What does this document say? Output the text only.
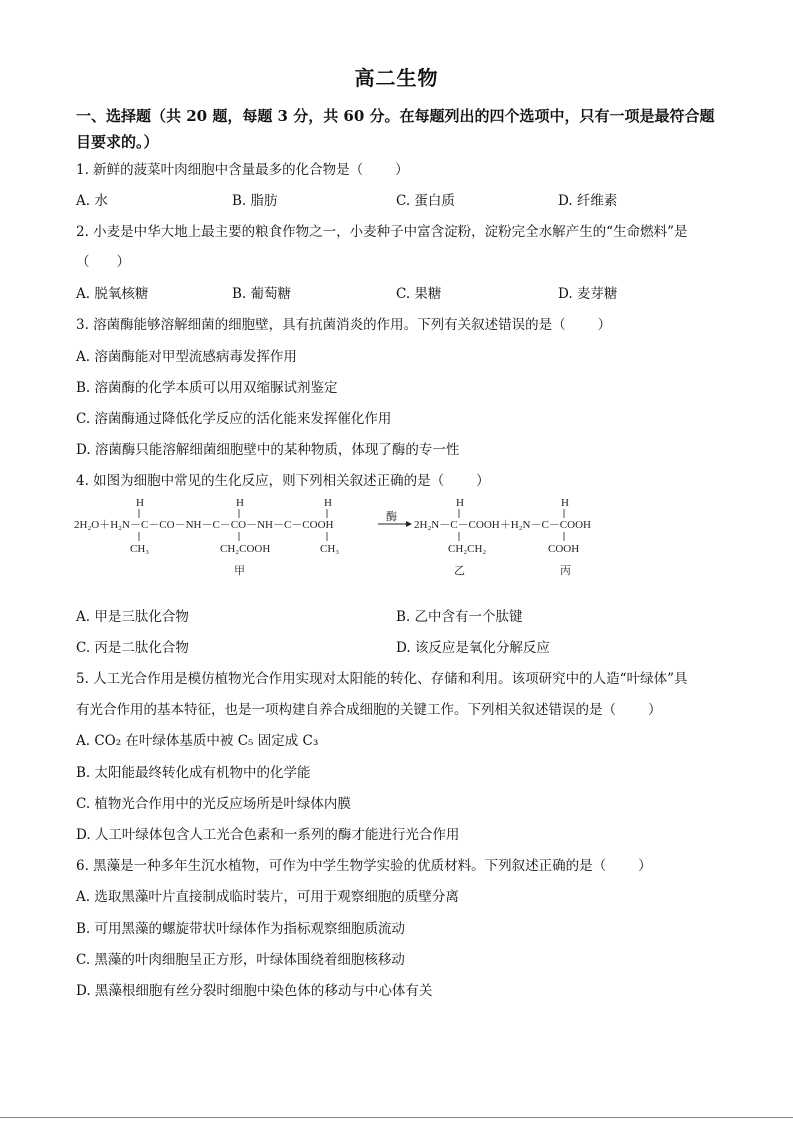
高二生物
一、选择题（共 20 题，每题 3 分，共 60 分。在每题列出的四个选项中，只有一项是最符合题目要求的。）
1. 新鲜的菠菜叶肉细胞中含量最多的化合物是（ ）
A. 水	B. 脂肪	C. 蛋白质	D. 纤维素
2. 小麦是中华大地上最主要的粮食作物之一，小麦种子中富含淀粉，淀粉完全水解产生的“生命燃料”是
（　　）
A. 脱氧核糖	B. 葡萄糖	C. 果糖	D. 麦芽糖
3. 溶菌酶能够溶解细菌的细胞壁，具有抗菌消炎的作用。下列有关叙述错误的是（ ）
A. 溶菌酶能对甲型流感病毒发挥作用
B. 溶菌酶的化学本质可以用双缩脲试剂鉴定
C. 溶菌酶通过降低化学反应的活化能来发挥催化作用
D. 溶菌酶只能溶解细菌细胞壁中的某种物质，体现了酶的专一性
4. 如图为细胞中常见的生化反应，则下列相关叙述正确的是（ ）
H	H	H
2H₂O＋H₂N－C－CO－NH－C－CO－NH－C－COOH
CH₃	CH₂COOH	CH₃
甲
酶
H	H
2H₂N－C－COOH＋H₂N－C－COOH
CH₂CH₂	COOH
乙	丙
A. 甲是三肽化合物	B. 乙中含有一个肽键
C. 丙是二肽化合物	D. 该反应是氧化分解反应
5. 人工光合作用是模仿植物光合作用实现对太阳能的转化、存储和利用。该项研究中的人造“叶绿体”具
有光合作用的基本特征，也是一项构建自养合成细胞的关键工作。下列相关叙述错误的是（ ）
A. CO₂ 在叶绿体基质中被 C₅ 固定成 C₃
B. 太阳能最终转化成有机物中的化学能
C. 植物光合作用中的光反应场所是叶绿体内膜
D. 人工叶绿体包含人工光合色素和一系列的酶才能进行光合作用
6. 黑藻是一种多年生沉水植物，可作为中学生物学实验的优质材料。下列叙述正确的是（ ）
A. 选取黑藻叶片直接制成临时装片，可用于观察细胞的质壁分离
B. 可用黑藻的螺旋带状叶绿体作为指标观察细胞质流动
C. 黑藻的叶肉细胞呈正方形，叶绿体围绕着细胞核移动
D. 黑藻根细胞有丝分裂时细胞中染色体的移动与中心体有关
